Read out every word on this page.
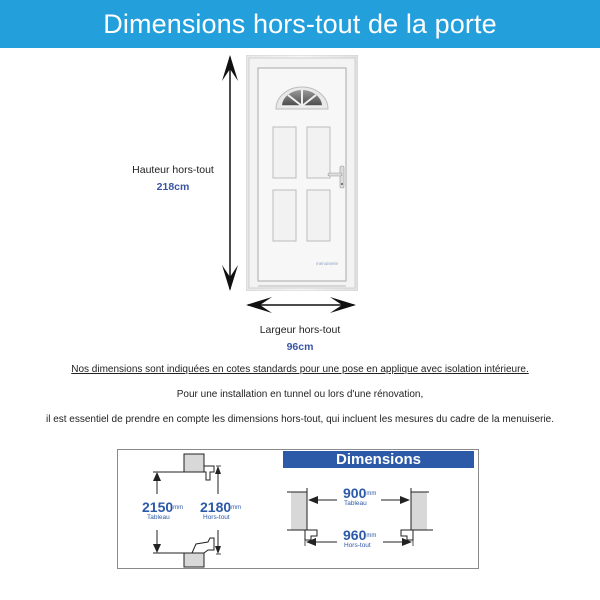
Dimensions hors-tout de la porte
menuiserie
Hauteur hors-tout
218cm
Largeur hors-tout
96cm
Nos dimensions sont indiquées en cotes standards pour une pose en applique avec isolation intérieure.
Pour une installation en tunnel ou lors d'une rénovation,
il est essentiel de prendre en compte les dimensions hors-tout, qui incluent les mesures du cadre de la menuiserie.
Dimensions
$2150^{mm}$
Tableau
$2180^{mm}$
Hors-tout
$900^{mm}$
Tableau
$960^{mm}$
Hors-tout
